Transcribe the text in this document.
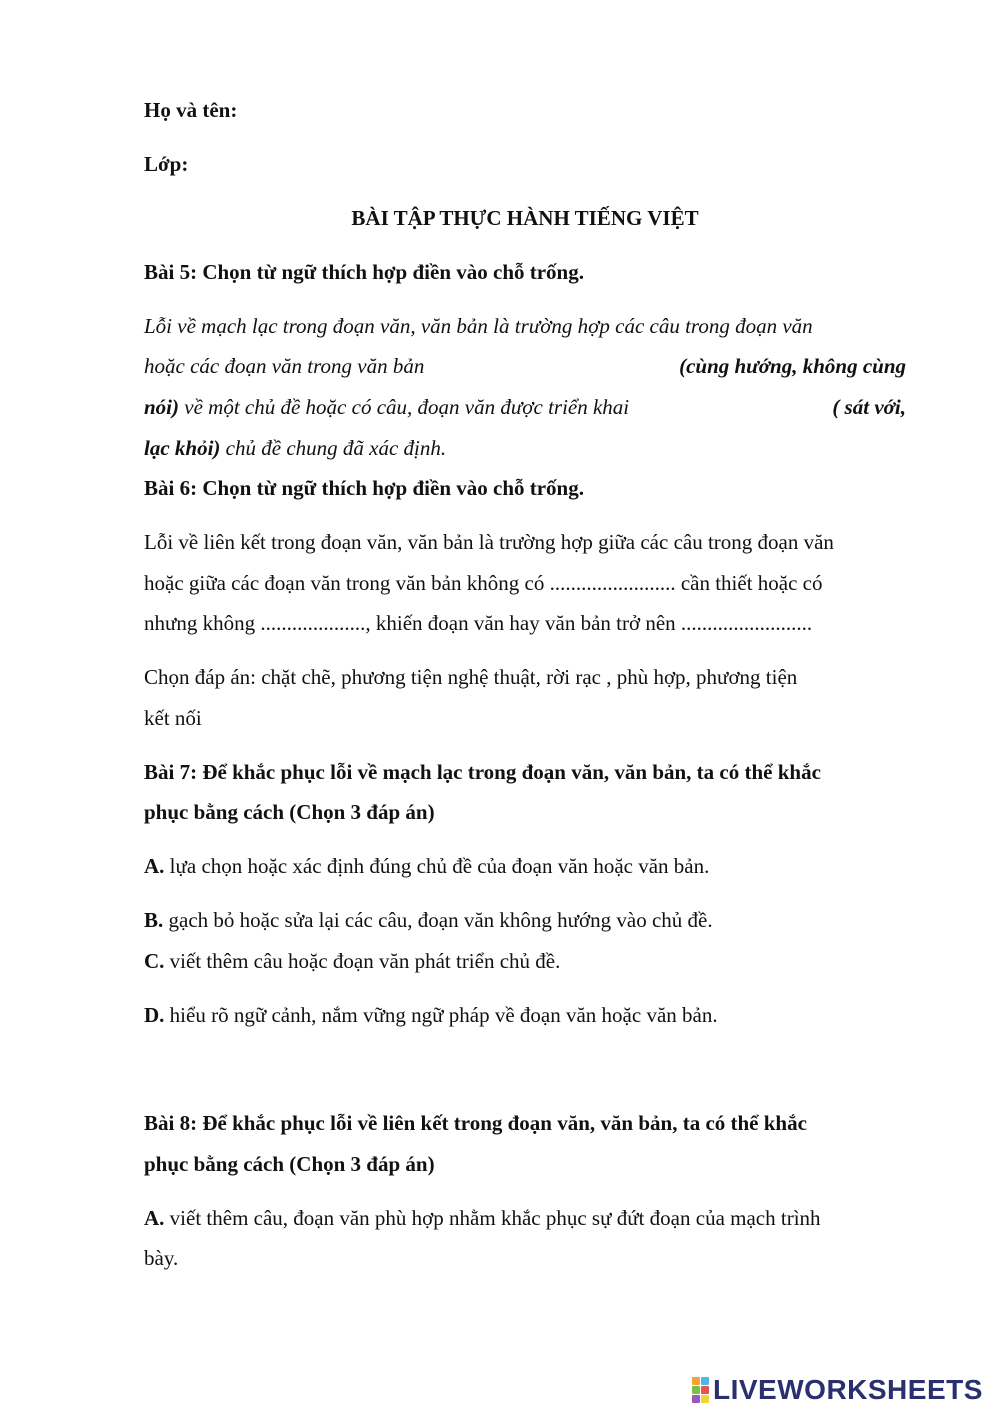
Họ và tên:
Lớp:
BÀI TẬP THỰC HÀNH TIẾNG VIỆT
Bài 5: Chọn từ ngữ thích hợp điền vào chỗ trống.
Lỗi về mạch lạc trong đoạn văn, văn bản là trường hợp các câu trong đoạn văn
hoặc các đoạn văn trong văn bản	(cùng hướng, không cùng
nói) về một chủ đề hoặc có câu, đoạn văn được triển khai	( sát với,
lạc khỏi) chủ đề chung đã xác định.
Bài 6: Chọn từ ngữ thích hợp điền vào chỗ trống.
Lỗi về liên kết trong đoạn văn, văn bản là trường hợp giữa các câu trong đoạn văn
hoặc giữa các đoạn văn trong văn bản không có ........................ cần thiết hoặc có
nhưng không ...................., khiến đoạn văn hay văn bản trở nên .........................
Chọn đáp án: chặt chẽ, phương tiện nghệ thuật, rời rạc , phù hợp, phương tiện
kết nối
Bài 7: Để khắc phục lỗi về mạch lạc trong đoạn văn, văn bản, ta có thể khắc
phục bằng cách (Chọn 3 đáp án)
A. lựa chọn hoặc xác định đúng chủ đề của đoạn văn hoặc văn bản.
B. gạch bỏ hoặc sửa lại các câu, đoạn văn không hướng vào chủ đề.
C. viết thêm câu hoặc đoạn văn phát triển chủ đề.
D. hiểu rõ ngữ cảnh, nắm vững ngữ pháp về đoạn văn hoặc văn bản.
Bài 8: Để khắc phục lỗi về liên kết trong đoạn văn, văn bản, ta có thể khắc
phục bằng cách (Chọn 3 đáp án)
A. viết thêm câu, đoạn văn phù hợp nhằm khắc phục sự đứt đoạn của mạch trình
bày.
LIVEWORKSHEETS
